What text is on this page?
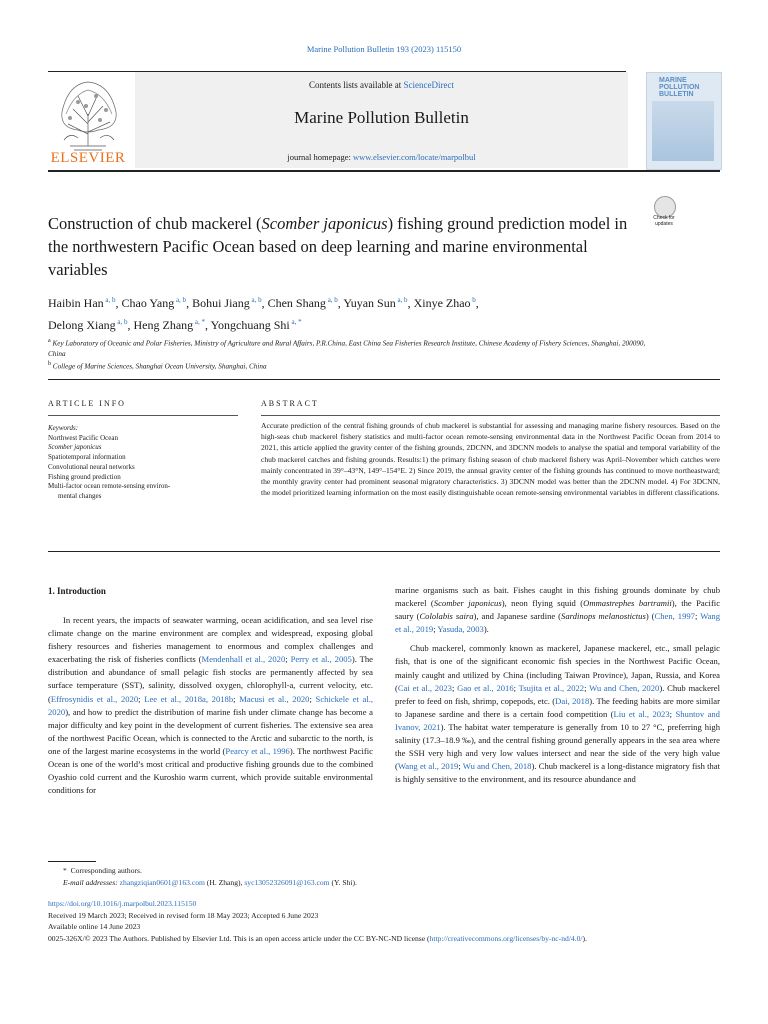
Marine Pollution Bulletin 193 (2023) 115150
ELSEVIER
Contents lists available at ScienceDirect
Marine Pollution Bulletin
journal homepage: www.elsevier.com/locate/marpolbul
MARINE POLLUTION BULLETIN
Check for updates
Construction of chub mackerel (Scomber japonicus) fishing ground prediction model in the northwestern Pacific Ocean based on deep learning and marine environmental variables
Haibin Han $^{a, b}$, Chao Yang $^{a, b}$, Bohui Jiang $^{a, b}$, Chen Shang $^{a, b}$, Yuyan Sun $^{a, b}$, Xinye Zhao $^b$,
Delong Xiang $^{a, b}$, Heng Zhang $^{a, *}$, Yongchuang Shi $^{a, *}$
$^a$ Key Laboratory of Oceanic and Polar Fisheries, Ministry of Agriculture and Rural Affairs, P.R.China, East China Sea Fisheries Research Institute, Chinese Academy of Fishery Sciences, Shanghai, 200090, China
$^b$ College of Marine Sciences, Shanghai Ocean University, Shanghai, China
ARTICLE INFO	ABSTRACT
Keywords:
Northwest Pacific Ocean
Scomber japonicus
Spatiotemporal information
Convolutional neural networks
Fishing ground prediction
Multi-factor ocean remote-sensing environ-
mental changes
Accurate prediction of the central fishing grounds of chub mackerel is substantial for assessing and managing marine fishery resources. Based on the high-seas chub mackerel fishery statistics and multi-factor ocean remote-sensing environmental data in the Northwest Pacific Ocean from 2014 to 2021, this article applied the gravity center of the fishing grounds, 2DCNN, and 3DCNN models to analyse the spatial and temporal variability of the chub mackerel catches and fishing grounds. Results:1) the primary fishing season of chub mackerel fishery was April–November which catches were mainly concentrated in 39°–43°N, 149°–154°E. 2) Since 2019, the annual gravity center of the fishing grounds has continued to move northeastward; the monthly gravity center had prominent seasonal migratory characteristics. 3) 3DCNN model was better than the 2DCNN model. 4) For 3DCNN, the model prioritized learning information on the most easily distinguishable ocean remote-sensing environmental variables in different classifications.
1. Introduction

In recent years, the impacts of seawater warming, ocean acidification, and sea level rise climate change on the marine environment are complex and widespread, exposing global fishery resources and fisheries management to enormous and complex challenges and exacerbating the risk of fisheries conflicts (Mendenhall et al., 2020; Perry et al., 2005). The distribution and abundance of small pelagic fish stocks are permanently affected by sea surface temperature (SST), salinity, dissolved oxygen, chlorophyll-a, current velocity, etc. (Effrosynidis et al., 2020; Lee et al., 2018a, 2018b; Macusi et al., 2020; Schickele et al., 2020), and how to predict the distribution of marine fish under climate change has become a major difficulty and key point in the development of current fisheries. The extensive sea area of the northwest Pacific Ocean, which is connected to the Arctic and subarctic to the north, is one of the largest marine ecosystems in the world (Pearcy et al., 1996). The northwest Pacific Ocean is one of the world’s most critical and productive fishing grounds due to the combined Oyashio cold current and the Kuroshio warm current, which provide suitable environmental conditions for

marine organisms such as bait. Fishes caught in this fishing grounds dominate by chub mackerel (Scomber japonicus), neon flying squid (Ommastrephes bartramii), the Pacific saury (Cololabis saira), and Japanese sardine (Sardinops melanostictus) (Chen, 1997; Wang et al., 2019; Yasuda, 2003).

Chub mackerel, commonly known as mackerel, Japanese mackerel, etc., small pelagic fish, that is one of the significant economic fish species in the Northwest Pacific Ocean, mainly caught and utilized by China (including Taiwan Province), Japan, Russia, and Korea (Cai et al., 2023; Gao et al., 2016; Tsujita et al., 2022; Wu and Chen, 2020). Chub mackerel prefer to feed on fish, shrimp, copepods, etc. (Dai, 2018). The feeding habits are more similar to Japanese sardine and there is a certain food competition (Liu et al., 2023; Shuntov and Ivanov, 2021). The habitat water temperature is generally from 10 to 27 °C, preferring high salinity (17.3–18.9 ‰), and the central fishing ground generally appears in the sea area where the SSH very high and very low values intersect and near the side of the very high value (Wang et al., 2019; Wu and Chen, 2018). Chub mackerel is a long-distance migratory fish that is highly sensitive to the environment, and its resource abundance and

* Corresponding authors.
E-mail addresses: zhangziqian0601@163.com (H. Zhang), syc13052326091@163.com (Y. Shi).
https://doi.org/10.1016/j.marpolbul.2023.115150
Received 19 March 2023; Received in revised form 18 May 2023; Accepted 6 June 2023
Available online 14 June 2023
0025-326X/© 2023 The Authors. Published by Elsevier Ltd. This is an open access article under the CC BY-NC-ND license (http://creativecommons.org/licenses/by-nc-nd/4.0/).
